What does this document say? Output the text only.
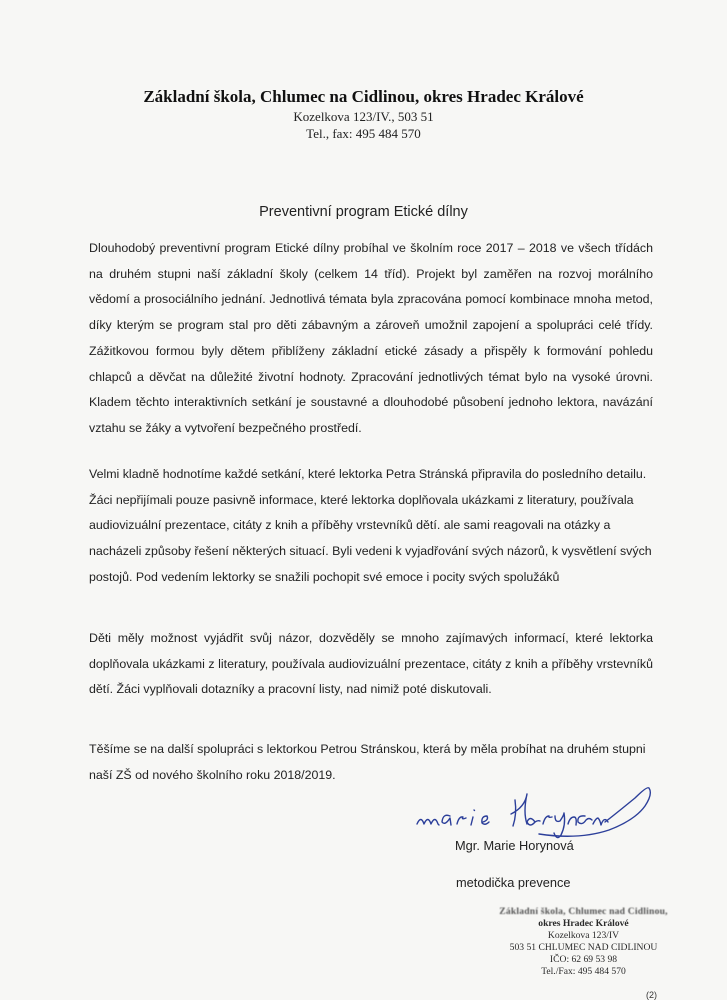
Základní škola, Chlumec na Cidlinou, okres Hradec Králové
Kozelkova 123/IV., 503 51
Tel., fax: 495 484 570
Preventivní program Etické dílny

Dlouhodobý preventivní program Etické dílny probíhal ve školním roce 2017 – 2018 ve všech třídách na druhém stupni naší základní školy (celkem 14 tříd). Projekt byl zaměřen na rozvoj morálního vědomí a prosociálního jednání. Jednotlivá témata byla zpracována pomocí kombinace mnoha metod, díky kterým se program stal pro děti zábavným a zároveň umožnil zapojení a spolupráci celé třídy. Zážitkovou formou byly dětem přiblíženy základní etické zásady a přispěly k formování pohledu chlapců a děvčat na důležité životní hodnoty. Zpracování jednotlivých témat bylo na vysoké úrovni. Kladem těchto interaktivních setkání je soustavné a dlouhodobé působení jednoho lektora, navázání vztahu se žáky a vytvoření bezpečného prostředí.

Velmi kladně hodnotíme každé setkání, které lektorka Petra Stránská připravila do posledního detailu. Žáci nepřijímali pouze pasivně informace, které lektorka doplňovala ukázkami z literatury, používala audiovizuální prezentace, citáty z knih a příběhy vrstevníků dětí. ale sami reagovali na otázky a nacházeli způsoby řešení některých situací. Byli vedeni k vyjadřování svých názorů, k vysvětlení svých postojů. Pod vedením lektorky se snažili pochopit své emoce i pocity svých spolužáků

Děti měly možnost vyjádřit svůj názor, dozvěděly se mnoho zajímavých informací, které lektorka doplňovala ukázkami z literatury, používala audiovizuální prezentace, citáty z knih a příběhy vrstevníků dětí. Žáci vyplňovali dotazníky a pracovní listy, nad nimiž poté diskutovali.

Těšíme se na další spolupráci s lektorkou Petrou Stránskou, která by měla probíhat na druhém stupni naší ZŠ od nového školního roku 2018/2019.

Mgr. Marie Horynová
metodička prevence
Základní škola, Chlumec nad Cidlinou,
okres Hradec Králové
Kozelkova 123/IV
503 51 CHLUMEC NAD CIDLINOU
IČO: 62 69 53 98
Tel./Fax: 495 484 570
(2)
